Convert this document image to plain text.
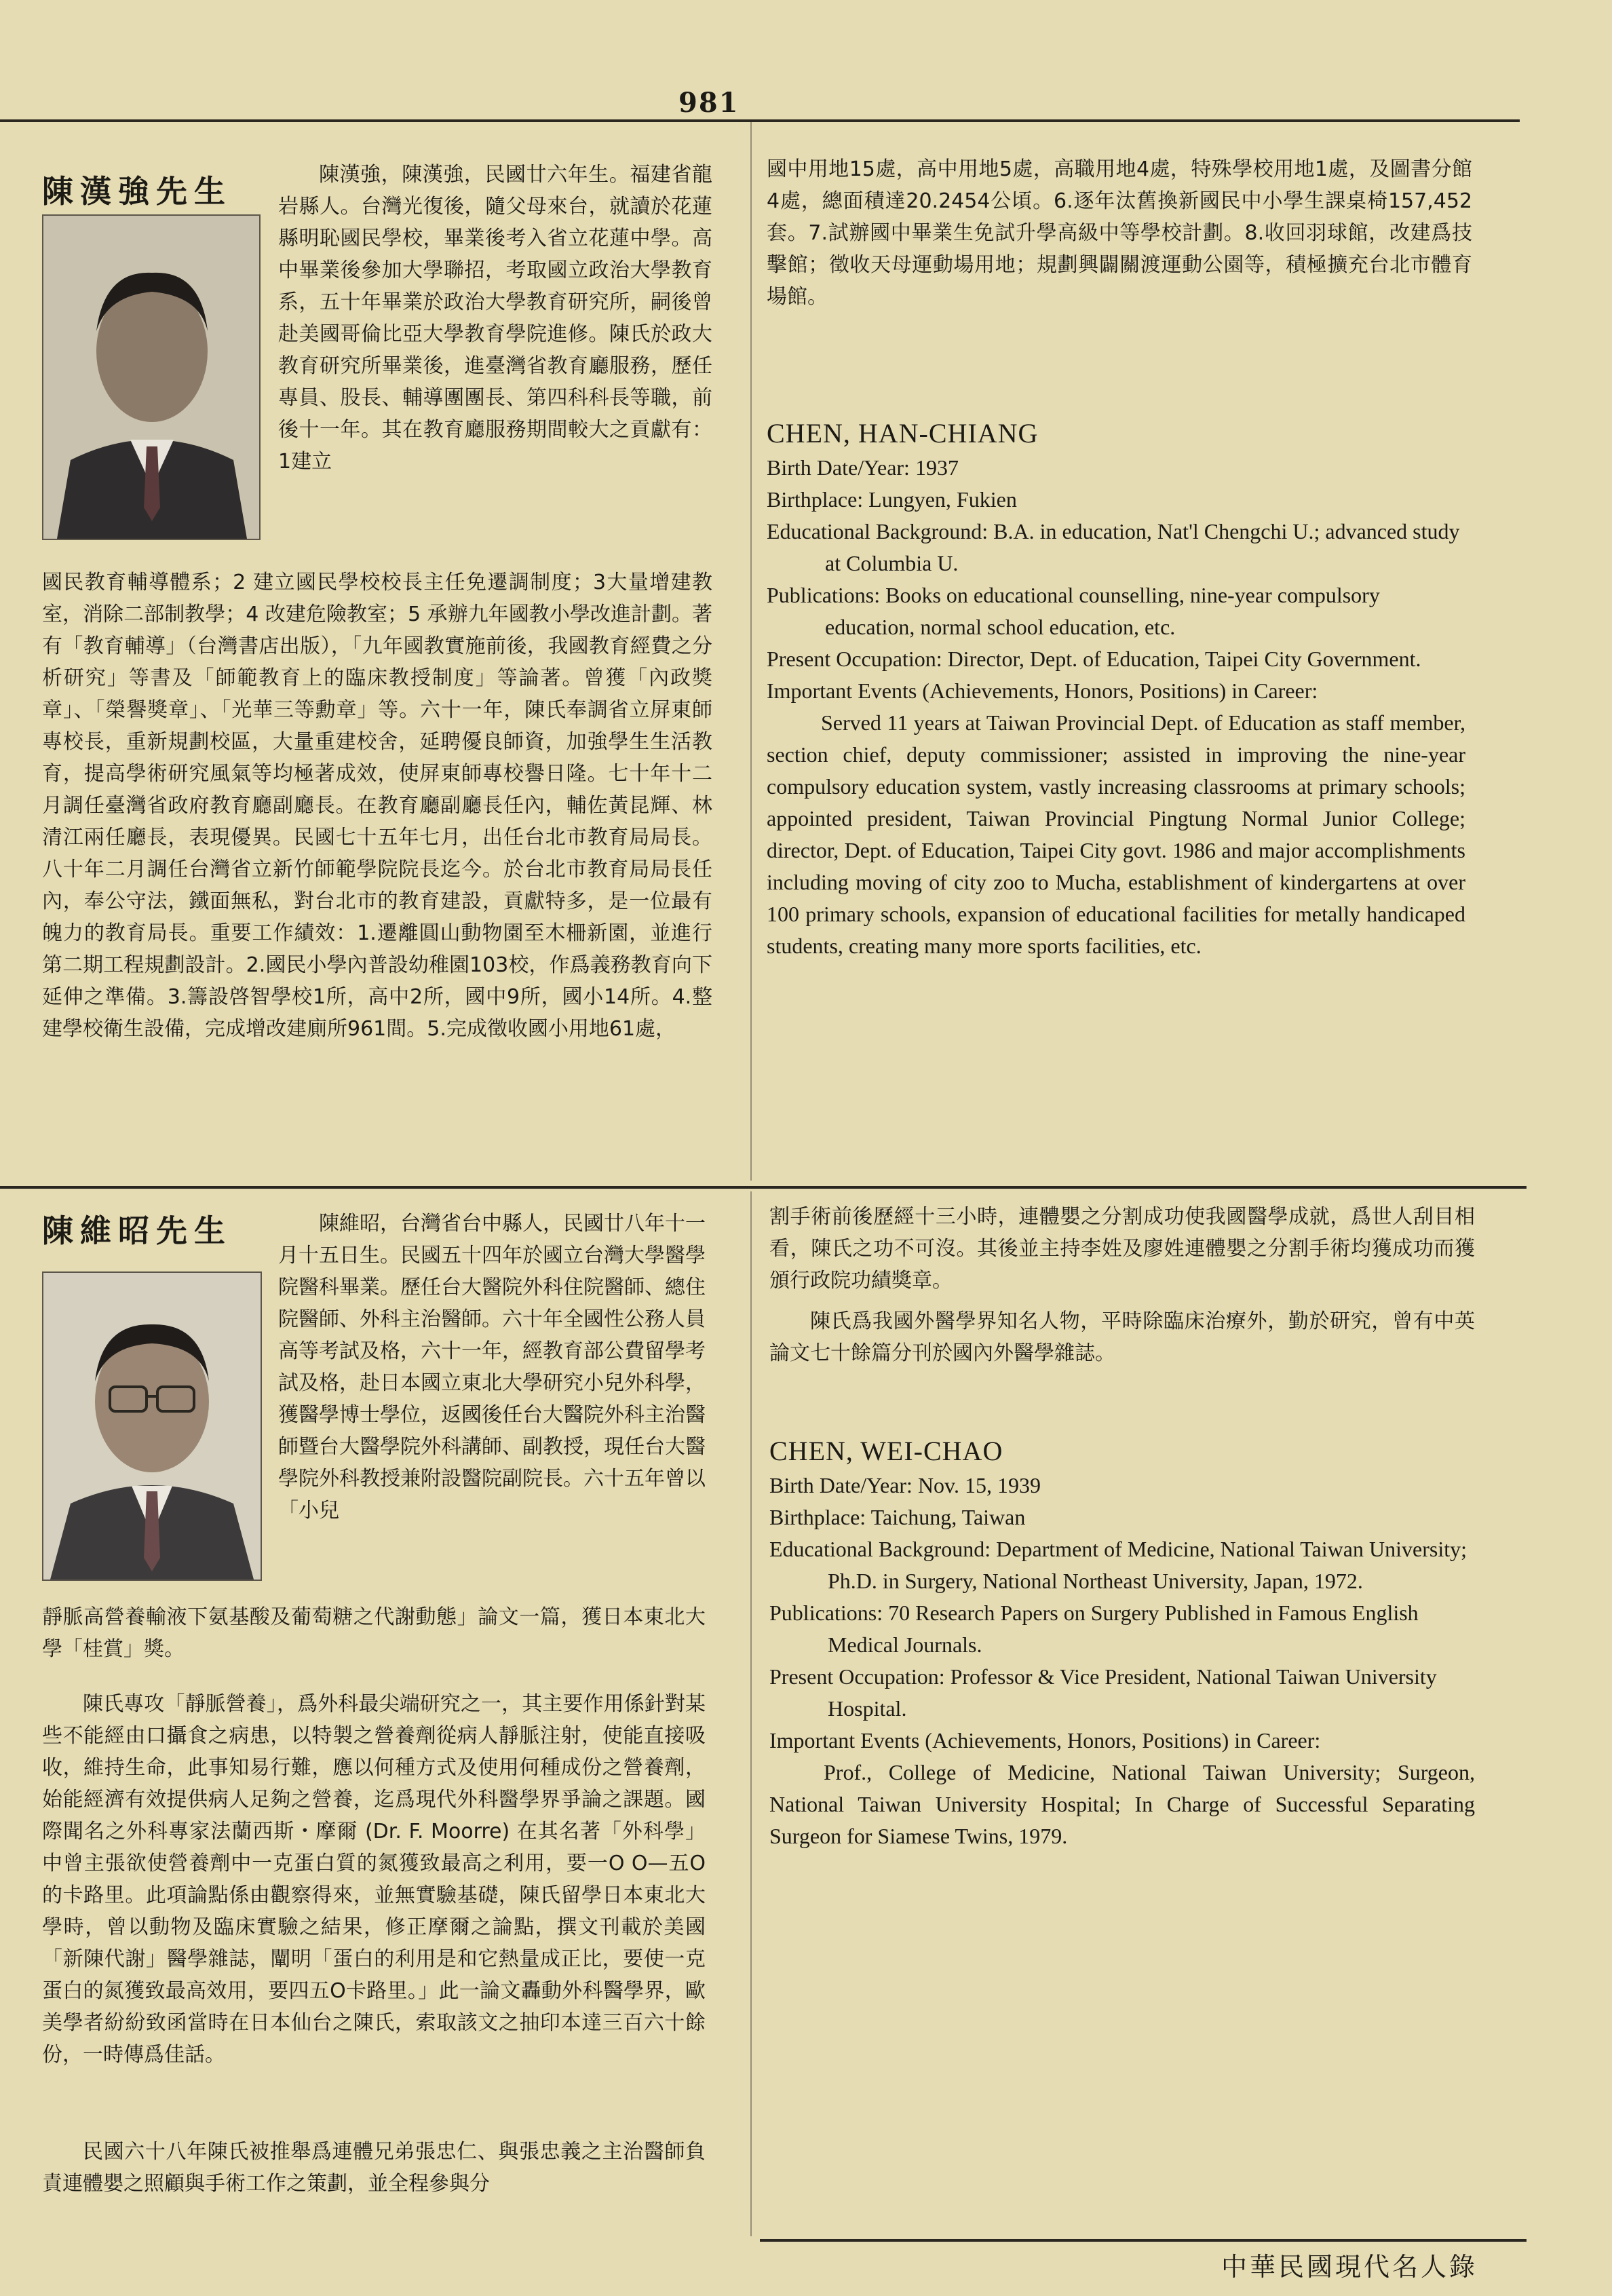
981
陳漢強先生	陳漢強，陳漢強，民國廿六年生。福建省龍岩縣人。台灣光復後，隨父母來台，就讀於花蓮縣明恥國民學校，畢業後考入省立花蓮中學。高中畢業後參加大學聯招，考取國立政治大學教育系，五十年畢業於政治大學教育研究所，嗣後曾赴美國哥倫比亞大學教育學院進修。陳氏於政大教育研究所畢業後，進臺灣省教育廳服務，歷任專員、股長、輔導團團長、第四科科長等職，前後十一年。其在教育廳服務期間較大之貢獻有：1建立
國民教育輔導體系；2 建立國民學校校長主任免遷調制度；3大量增建教室，消除二部制教學；4 改建危險教室；5 承辦九年國教小學改進計劃。著有「教育輔導」（台灣書店出版），「九年國教實施前後，我國教育經費之分析研究」等書及「師範教育上的臨床教授制度」等論著。曾獲「內政獎章」、「榮譽獎章」、「光華三等勳章」等。六十一年，陳氏奉調省立屏東師專校長，重新規劃校區，大量重建校舍，延聘優良師資，加強學生生活教育，提高學術研究風氣等均極著成效，使屏東師專校譽日隆。七十年十二月調任臺灣省政府教育廳副廳長。在教育廳副廳長任內，輔佐黃昆輝、林清江兩任廳長，表現優異。民國七十五年七月，出任台北市教育局局長。八十年二月調任台灣省立新竹師範學院院長迄今。於台北市教育局局長任內，奉公守法，鐵面無私，對台北市的教育建設，貢獻特多，是一位最有魄力的教育局長。重要工作績效：1.遷離圓山動物園至木柵新園，並進行第二期工程規劃設計。2.國民小學內普設幼稚園103校，作爲義務教育向下延伸之準備。3.籌設啓智學校1所，高中2所，國中9所，國小14所。4.整建學校衛生設備，完成增改建廁所961間。5.完成徵收國小用地61處，
國中用地15處，高中用地5處，高職用地4處，特殊學校用地1處，及圖書分館4處，總面積達20.2454公頃。6.逐年汰舊換新國民中小學生課桌椅157,452套。7.試辦國中畢業生免試升學高級中等學校計劃。8.收回羽球館，改建爲技擊館；徵收天母運動場用地；規劃興闢關渡運動公園等，積極擴充台北市體育場館。
CHEN, HAN-CHIANG

Birth Date/Year: 1937

Birthplace: Lungyen, Fukien

Educational Background: B.A. in education, Nat'l Chengchi U.; advanced study at Columbia U.

Publications: Books on educational counselling, nine-year compulsory education, normal school education, etc.

Present Occupation: Director, Dept. of Education, Taipei City Government.

Important Events (Achievements, Honors, Positions) in Career:

Served 11 years at Taiwan Provincial Dept. of Education as staff member, section chief, deputy commissioner; assisted in improving the nine-year compulsory education system, vastly increasing classrooms at primary schools; appointed president, Taiwan Provincial Pingtung Normal Junior College; director, Dept. of Education, Taipei City govt. 1986 and major accomplishments including moving of city zoo to Mucha, establishment of kindergartens at over 100 primary schools, expansion of educational facilities for metally handicaped students, creating many more sports facilities, etc.

陳維昭先生	陳維昭，台灣省台中縣人，民國廿八年十一月十五日生。民國五十四年於國立台灣大學醫學院醫科畢業。歷任台大醫院外科住院醫師、總住院醫師、外科主治醫師。六十年全國性公務人員高等考試及格，六十一年，經教育部公費留學考試及格，赴日本國立東北大學研究小兒外科學，獲醫學博士學位，返國後任台大醫院外科主治醫師暨台大醫學院外科講師、副教授，現任台大醫學院外科教授兼附設醫院副院長。六十五年曾以「小兒
靜脈高營養輸液下氨基酸及葡萄糖之代謝動態」論文一篇，獲日本東北大學「桂賞」獎。
陳氏專攻「靜脈營養」，爲外科最尖端研究之一，其主要作用係針對某些不能經由口攝食之病患，以特製之營養劑從病人靜脈注射，使能直接吸收，維持生命，此事知易行難，應以何種方式及使用何種成份之營養劑，始能經濟有效提供病人足夠之營養，迄爲現代外科醫學界爭論之課題。國際聞名之外科專家法蘭西斯・摩爾 (Dr. F. Moorre) 在其名著「外科學」中曾主張欲使營養劑中一克蛋白質的氮獲致最高之利用，要一O O—五O的卡路里。此項論點係由觀察得來，並無實驗基礎，陳氏留學日本東北大學時，曾以動物及臨床實驗之結果，修正摩爾之論點，撰文刊載於美國「新陳代謝」醫學雜誌，闡明「蛋白的利用是和它熱量成正比，要使一克蛋白的氮獲致最高效用，要四五O卡路里。」此一論文轟動外科醫學界，歐美學者紛紛致函當時在日本仙台之陳氏，索取該文之抽印本達三百六十餘份，一時傳爲佳話。
民國六十八年陳氏被推舉爲連體兄弟張忠仁、與張忠義之主治醫師負責連體嬰之照顧與手術工作之策劃，並全程參與分
割手術前後歷經十三小時，連體嬰之分割成功使我國醫學成就，爲世人刮目相看，陳氏之功不可沒。其後並主持李姓及廖姓連體嬰之分割手術均獲成功而獲頒行政院功績獎章。
陳氏爲我國外醫學界知名人物，平時除臨床治療外，勤於研究，曾有中英論文七十餘篇分刊於國內外醫學雜誌。
CHEN, WEI-CHAO

Birth Date/Year: Nov. 15, 1939

Birthplace: Taichung, Taiwan

Educational Background: Department of Medicine, National Taiwan University; Ph.D. in Surgery, National Northeast University, Japan, 1972.

Publications: 70 Research Papers on Surgery Published in Famous English Medical Journals.

Present Occupation: Professor & Vice President, National Taiwan University Hospital.

Important Events (Achievements, Honors, Positions) in Career:

Prof., College of Medicine, National Taiwan University; Surgeon, National Taiwan University Hospital; In Charge of Successful Separating Surgeon for Siamese Twins, 1979.

中華民國現代名人錄
